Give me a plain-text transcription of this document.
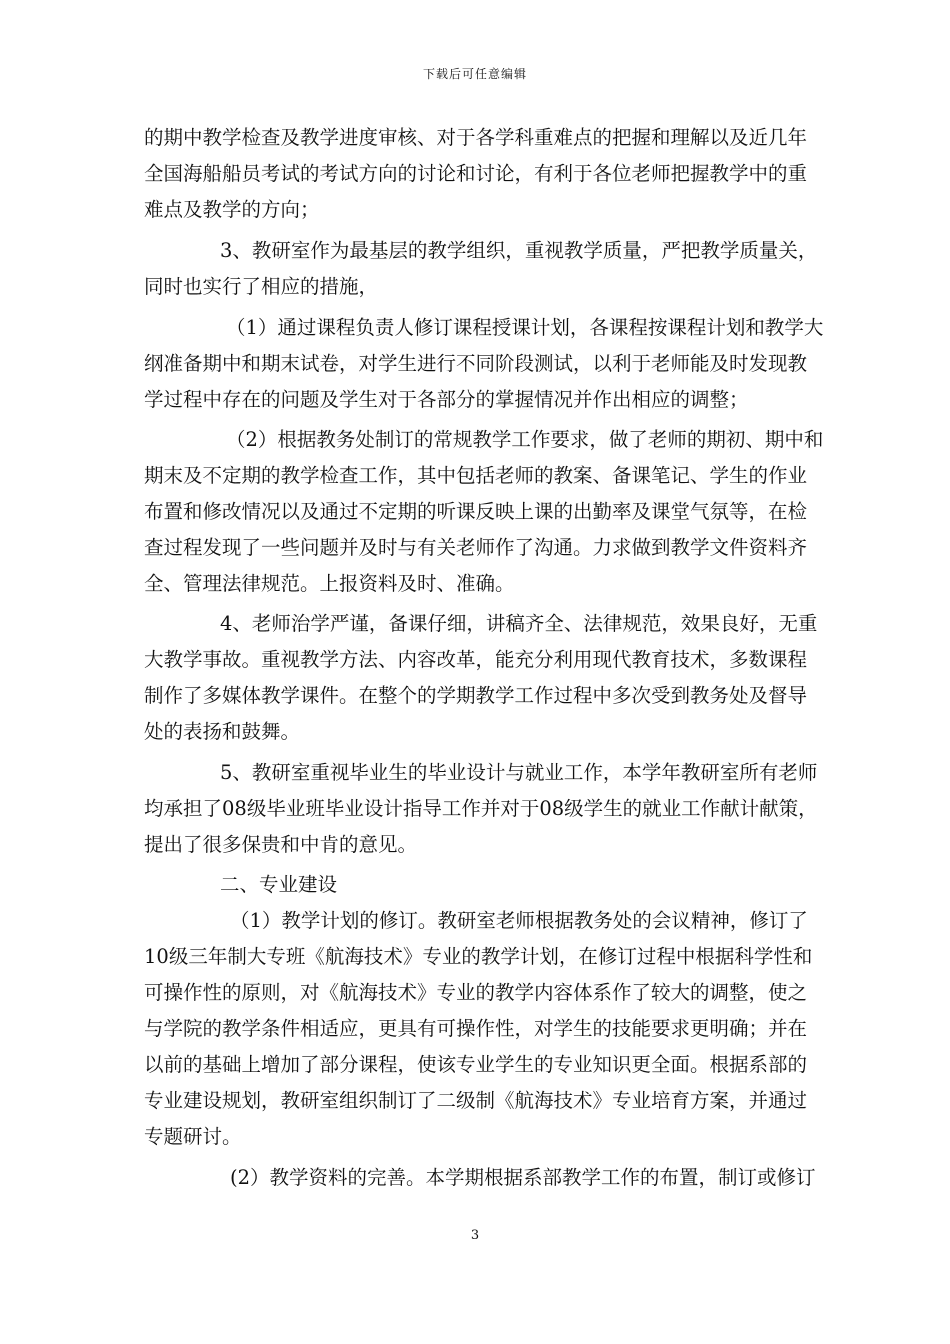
下载后可任意编辑
的期中教学检查及教学进度审核、对于各学科重难点的把握和理解以及近几年
全国海船船员考试的考试方向的讨论和讨论，有利于各位老师把握教学中的重
难点及教学的方向；
3、教研室作为最基层的教学组织，重视教学质量，严把教学质量关，
同时也实行了相应的措施，
（1）通过课程负责人修订课程授课计划，各课程按课程计划和教学大
纲准备期中和期末试卷，对学生进行不同阶段测试，以利于老师能及时发现教
学过程中存在的问题及学生对于各部分的掌握情况并作出相应的调整；
（2）根据教务处制订的常规教学工作要求，做了老师的期初、期中和
期末及不定期的教学检查工作，其中包括老师的教案、备课笔记、学生的作业
布置和修改情况以及通过不定期的听课反映上课的出勤率及课堂气氛等，在检
查过程发现了一些问题并及时与有关老师作了沟通。力求做到教学文件资料齐
全、管理法律规范。上报资料及时、准确。
4、老师治学严谨，备课仔细，讲稿齐全、法律规范，效果良好，无重
大教学事故。重视教学方法、内容改革，能充分利用现代教育技术，多数课程
制作了多媒体教学课件。在整个的学期教学工作过程中多次受到教务处及督导
处的表扬和鼓舞。
5、教研室重视毕业生的毕业设计与就业工作，本学年教研室所有老师
均承担了08级毕业班毕业设计指导工作并对于08级学生的就业工作献计献策，
提出了很多保贵和中肯的意见。
二、专业建设
（1）教学计划的修订。教研室老师根据教务处的会议精神，修订了
10级三年制大专班《航海技术》专业的教学计划，在修订过程中根据科学性和
可操作性的原则，对《航海技术》专业的教学内容体系作了较大的调整，使之
与学院的教学条件相适应，更具有可操作性，对学生的技能要求更明确；并在
以前的基础上增加了部分课程，使该专业学生的专业知识更全面。根据系部的
专业建设规划，教研室组织制订了二级制《航海技术》专业培育方案，并通过
专题研讨。
(2）教学资料的完善。本学期根据系部教学工作的布置，制订或修订
3
